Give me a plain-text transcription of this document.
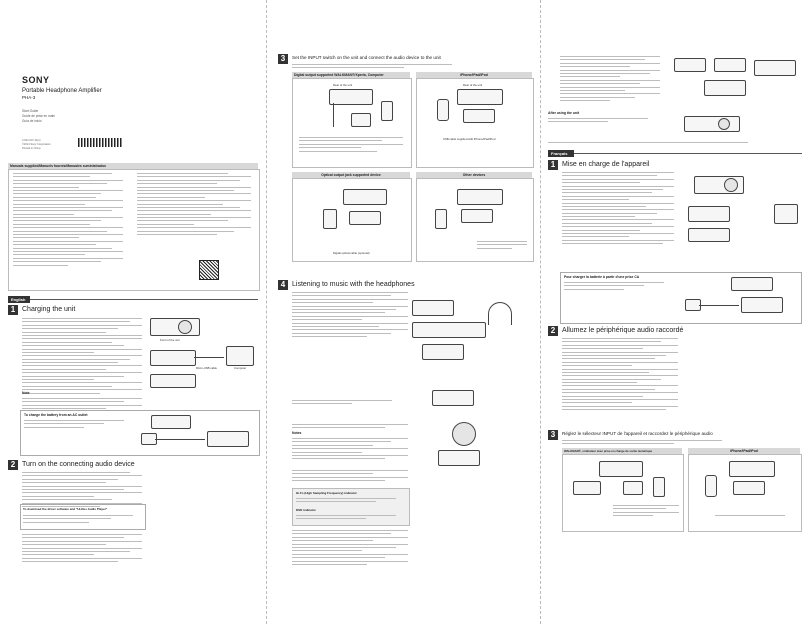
SONY
Portable Headphone Amplifier
PHA-3
Start Guide
Guide de prise en main
Guía de inicio
4-541-047-11(1)
©2014 Sony Corporation
Printed in China
Manuals supplied/Manuels fournis/Manuales suministrados
English
1 Charging the unit
Front of the unit
Micro-USB cable	Computer
Note
To charge the battery from an AC outlet
2 Turn on the connecting audio device
To download the driver software and "Hi-Res Audio Player"
3	Set the INPUT switch on the unit and connect the audio device to the unit
Digital output supported WALKMAN®/Xperia, Computer	iPhone/iPad/iPod
Rear of the unit	Rear of the unit
USB cable supplied with iPhone/iPad/iPod
Optical output jack supported device	Other devices
Digital optical cable (optional)
4 Listening to music with the headphones
Notes
Hi-Fs (High Sampling Frequency) indicator
DSD indicator
After using the unit
Français
1 Mise en charge de l'appareil
Pour charger la batterie à partir d'une prise CA
2 Allumez le périphérique audio raccordé
3	Réglez le sélecteur INPUT de l'appareil et raccordez le périphérique audio
WALKMAN®, ordinateur avec prise en charge de sortie numérique	iPhone/iPad/iPod
